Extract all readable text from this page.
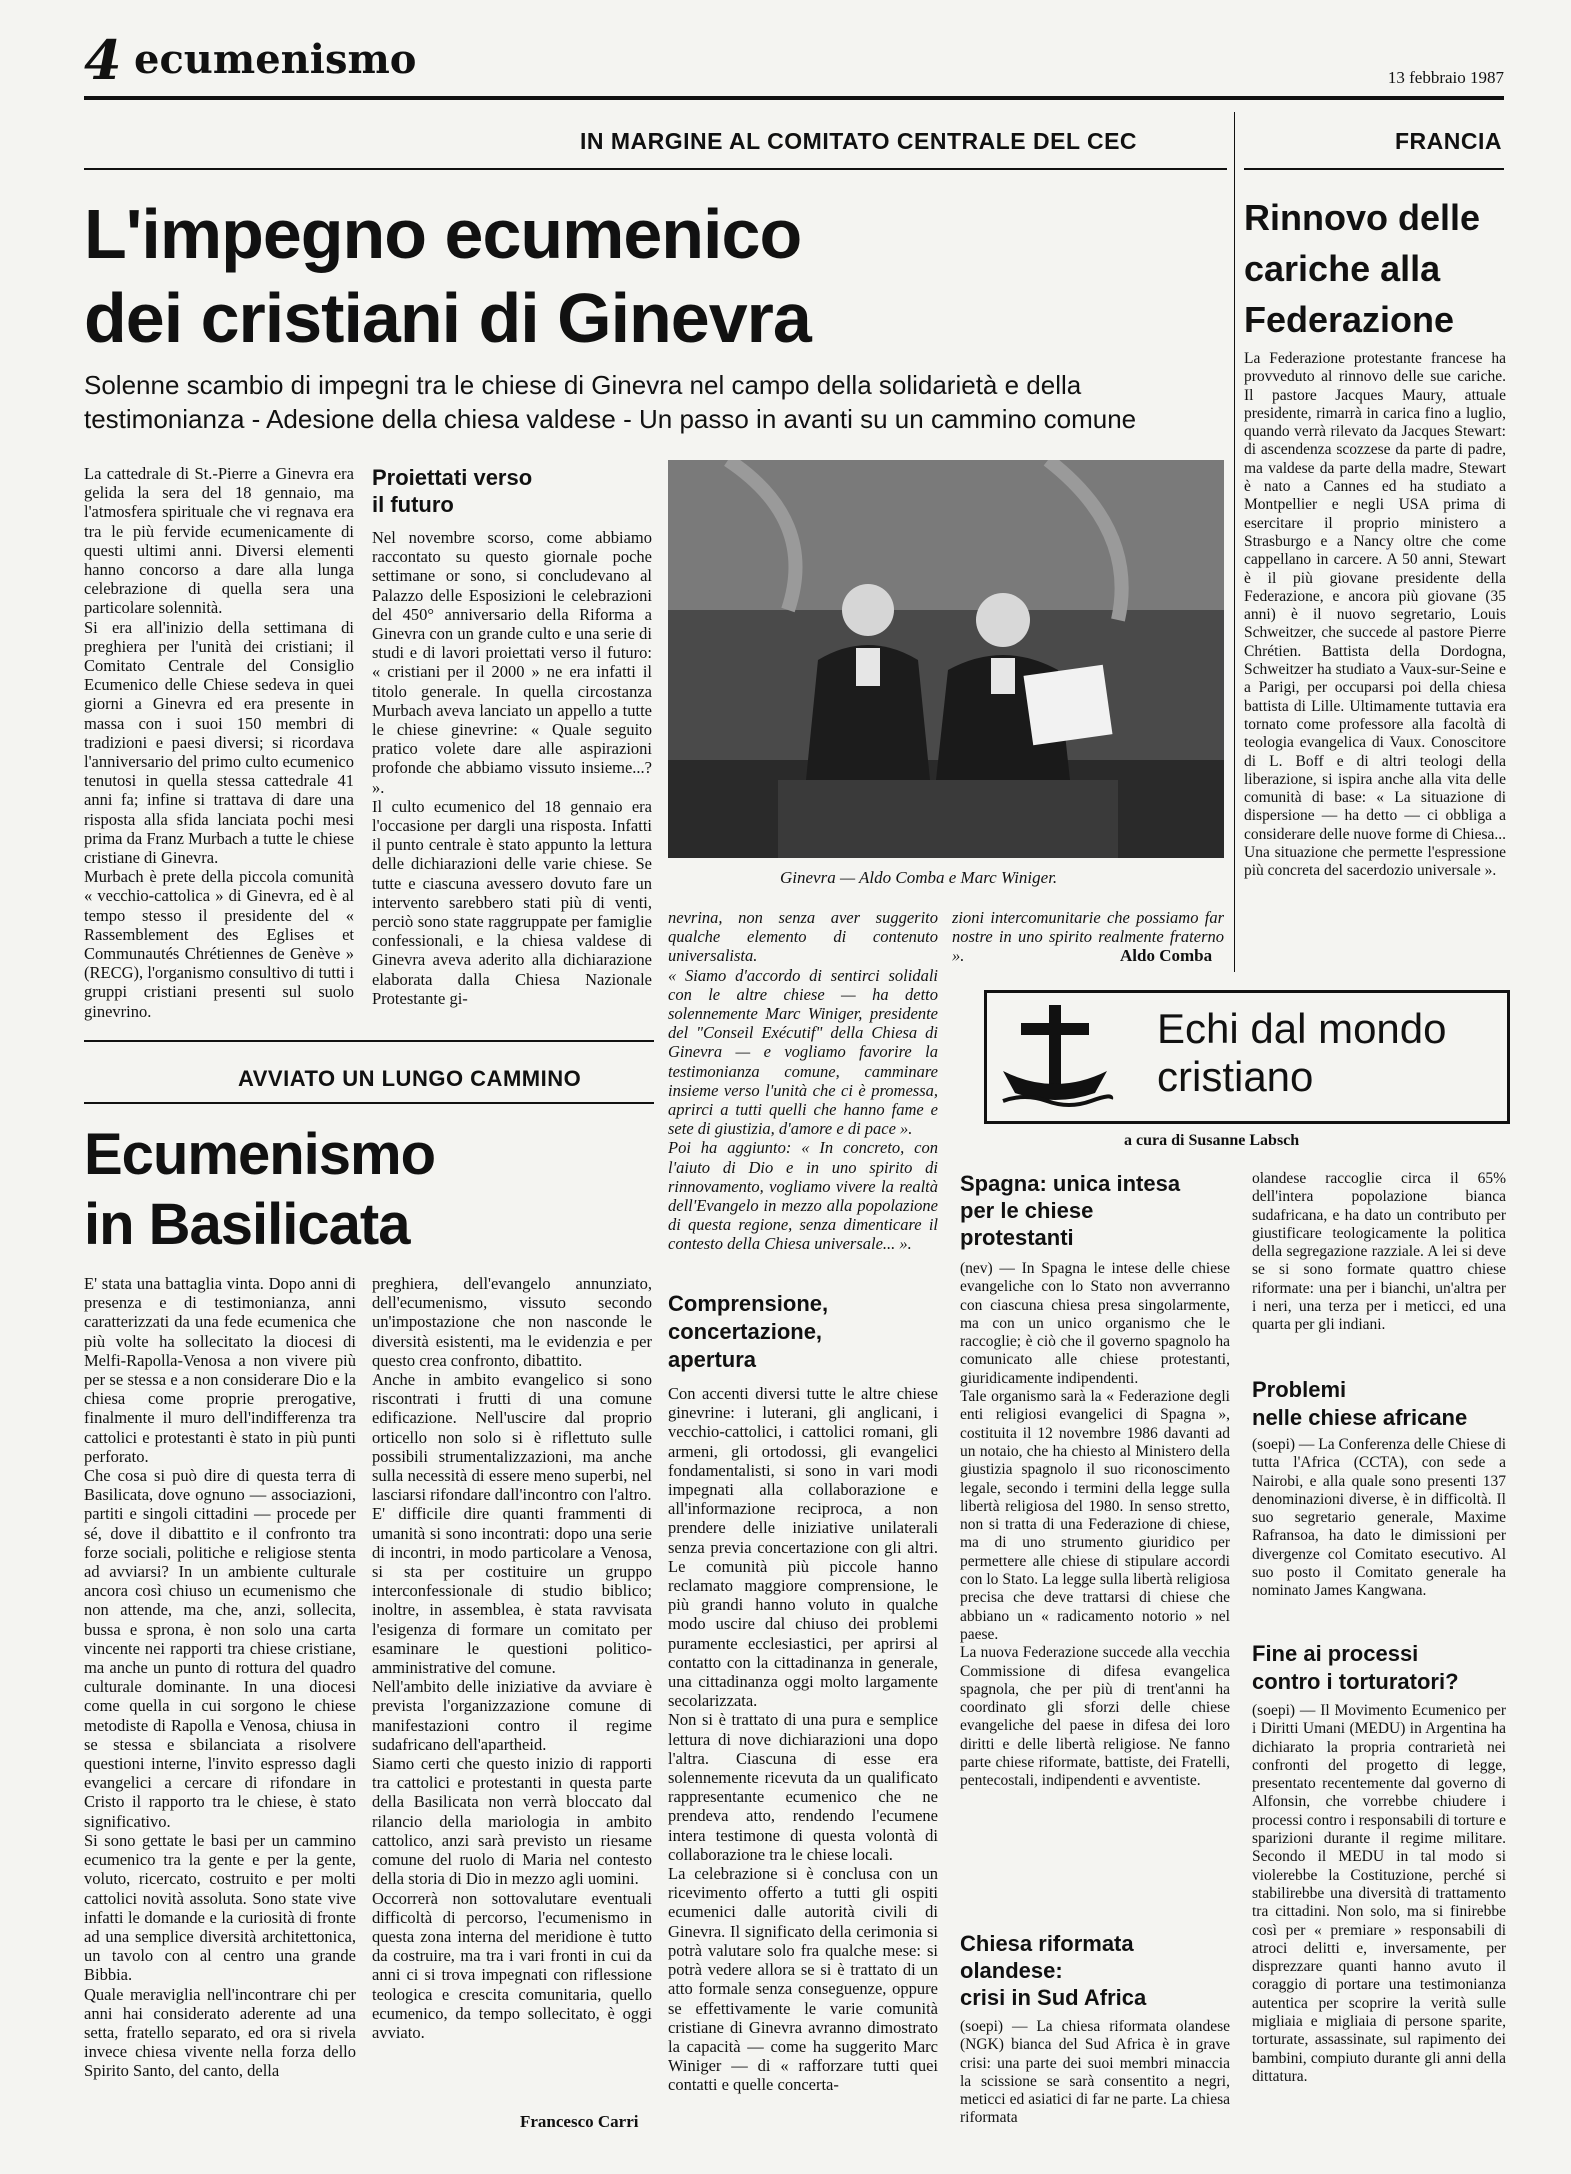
4 ecumenismo	13 febbraio 1987
IN MARGINE AL COMITATO CENTRALE DEL CEC
L'impegno ecumenico
dei cristiani di Ginevra
Solenne scambio di impegni tra le chiese di Ginevra nel campo della solidarietà e della
testimonianza - Adesione della chiesa valdese - Un passo in avanti su un cammino comune
La cattedrale di St.-Pierre a Ginevra era gelida la sera del 18 gennaio, ma l'atmosfera spirituale che vi regnava era tra le più fervide ecumenicamente di questi ultimi anni. Diversi elementi hanno concorso a dare alla lunga celebrazione di quella sera una particolare solennità.
Si era all'inizio della settimana di preghiera per l'unità dei cristiani; il Comitato Centrale del Consiglio Ecumenico delle Chiese sedeva in quei giorni a Ginevra ed era presente in massa con i suoi 150 membri di tradizioni e paesi diversi; si ricordava l'anniversario del primo culto ecumenico tenutosi in quella stessa cattedrale 41 anni fa; infine si trattava di dare una risposta alla sfida lanciata pochi mesi prima da Franz Murbach a tutte le chiese cristiane di Ginevra.
Murbach è prete della piccola comunità « vecchio-cattolica » di Ginevra, ed è al tempo stesso il presidente del « Rassemblement des Eglises et Communautés Chrétiennes de Genève » (RECG), l'organismo consultivo di tutti i gruppi cristiani presenti sul suolo ginevrino.
Proiettati verso
il futuro
Nel novembre scorso, come abbiamo raccontato su questo giornale poche settimane or sono, si concludevano al Palazzo delle Esposizioni le celebrazioni del 450° anniversario della Riforma a Ginevra con un grande culto e una serie di studi e di lavori proiettati verso il futuro: « cristiani per il 2000 » ne era infatti il titolo generale. In quella circostanza Murbach aveva lanciato un appello a tutte le chiese ginevrine: « Quale seguito pratico volete dare alle aspirazioni profonde che abbiamo vissuto insieme...? ».
Il culto ecumenico del 18 gennaio era l'occasione per dargli una risposta. Infatti il punto centrale è stato appunto la lettura delle dichiarazioni delle varie chiese. Se tutte e ciascuna avessero dovuto fare un intervento sarebbero stati più di venti, perciò sono state raggruppate per famiglie confessionali, e la chiesa valdese di Ginevra aveva aderito alla dichiarazione elaborata dalla Chiesa Nazionale Protestante gi-
Ginevra — Aldo Comba e Marc Winiger.
nevrina, non senza aver suggerito qualche elemento di contenuto universalista.
« Siamo d'accordo di sentirci solidali con le altre chiese — ha detto solennemente Marc Winiger, presidente del "Conseil Exécutif" della Chiesa di Ginevra — e vogliamo favorire la testimonianza comune, camminare insieme verso l'unità che ci è promessa, aprirci a tutti quelli che hanno fame e sete di giustizia, d'amore e di pace ».
Poi ha aggiunto: « In concreto, con l'aiuto di Dio e in uno spirito di rinnovamento, vogliamo vivere la realtà dell'Evangelo in mezzo alla popolazione di questa regione, senza dimenticare il contesto della Chiesa universale... ».
Comprensione,
concertazione,
apertura
Con accenti diversi tutte le altre chiese ginevrine: i luterani, gli anglicani, i vecchio-cattolici, i cattolici romani, gli armeni, gli ortodossi, gli evangelici fondamentalisti, si sono in vari modi impegnati alla collaborazione e all'informazione reciproca, a non prendere delle iniziative unilaterali senza previa concertazione con gli altri. Le comunità più piccole hanno reclamato maggiore comprensione, le più grandi hanno voluto in qualche modo uscire dal chiuso dei problemi puramente ecclesiastici, per aprirsi al contatto con la cittadinanza in generale, una cittadinanza oggi molto largamente secolarizzata.
Non si è trattato di una pura e semplice lettura di nove dichiarazioni una dopo l'altra. Ciascuna di esse era solennemente ricevuta da un qualificato rappresentante ecumenico che ne prendeva atto, rendendo l'ecumene intera testimone di questa volontà di collaborazione tra le chiese locali.
La celebrazione si è conclusa con un ricevimento offerto a tutti gli ospiti ecumenici dalle autorità civili di Ginevra. Il significato della cerimonia si potrà valutare solo fra qualche mese: si potrà vedere allora se si è trattato di un atto formale senza conseguenze, oppure se effettivamente le varie comunità cristiane di Ginevra avranno dimostrato la capacità — come ha suggerito Marc Winiger — di « rafforzare tutti quei contatti e quelle concerta-
zioni intercomunitarie che possiamo far nostre in uno spirito realmente fraterno ».	Aldo Comba
FRANCIA
Rinnovo delle
cariche alla
Federazione
La Federazione protestante francese ha provveduto al rinnovo delle sue cariche. Il pastore Jacques Maury, attuale presidente, rimarrà in carica fino a luglio, quando verrà rilevato da Jacques Stewart: di ascendenza scozzese da parte di padre, ma valdese da parte della madre, Stewart è nato a Cannes ed ha studiato a Montpellier e negli USA prima di esercitare il proprio ministero a Strasburgo e a Nancy oltre che come cappellano in carcere. A 50 anni, Stewart è il più giovane presidente della Federazione, e ancora più giovane (35 anni) è il nuovo segretario, Louis Schweitzer, che succede al pastore Pierre Chrétien. Battista della Dordogna, Schweitzer ha studiato a Vaux-sur-Seine e a Parigi, per occuparsi poi della chiesa battista di Lille. Ultimamente tuttavia era tornato come professore alla facoltà di teologia evangelica di Vaux. Conoscitore di L. Boff e di altri teologi della liberazione, si ispira anche alla vita delle comunità di base: « La situazione di dispersione — ha detto — ci obbliga a considerare delle nuove forme di Chiesa... Una situazione che permette l'espressione più concreta del sacerdozio universale ».
AVVIATO UN LUNGO CAMMINO
Ecumenismo
in Basilicata
E' stata una battaglia vinta. Dopo anni di presenza e di testimonianza, anni caratterizzati da una fede ecumenica che più volte ha sollecitato la diocesi di Melfi-Rapolla-Venosa a non vivere più per se stessa e a non considerare Dio e la chiesa come proprie prerogative, finalmente il muro dell'indifferenza tra cattolici e protestanti è stato in più punti perforato.
Che cosa si può dire di questa terra di Basilicata, dove ognuno — associazioni, partiti e singoli cittadini — procede per sé, dove il dibattito e il confronto tra forze sociali, politiche e religiose stenta ad avviarsi? In un ambiente culturale ancora così chiuso un ecumenismo che non attende, ma che, anzi, sollecita, bussa e sprona, è non solo una carta vincente nei rapporti tra chiese cristiane, ma anche un punto di rottura del quadro culturale dominante. In una diocesi come quella in cui sorgono le chiese metodiste di Rapolla e Venosa, chiusa in se stessa e sbilanciata a risolvere questioni interne, l'invito espresso dagli evangelici a cercare di rifondare in Cristo il rapporto tra le chiese, è stato significativo.
Si sono gettate le basi per un cammino ecumenico tra la gente e per la gente, voluto, ricercato, costruito e per molti cattolici novità assoluta. Sono state vive infatti le domande e la curiosità di fronte ad una semplice diversità architettonica, un tavolo con al centro una grande Bibbia.
Quale meraviglia nell'incontrare chi per anni hai considerato aderente ad una setta, fratello separato, ed ora si rivela invece chiesa vivente nella forza dello Spirito Santo, del canto, della
preghiera, dell'evangelo annunziato, dell'ecumenismo, vissuto secondo un'impostazione che non nasconde le diversità esistenti, ma le evidenzia e per questo crea confronto, dibattito.
Anche in ambito evangelico si sono riscontrati i frutti di una comune edificazione. Nell'uscire dal proprio orticello non solo si è riflettuto sulle possibili strumentalizzazioni, ma anche sulla necessità di essere meno superbi, nel lasciarsi rifondare dall'incontro con l'altro.
E' difficile dire quanti frammenti di umanità si sono incontrati: dopo una serie di incontri, in modo particolare a Venosa, si sta per costituire un gruppo interconfessionale di studio biblico; inoltre, in assemblea, è stata ravvisata l'esigenza di formare un comitato per esaminare le questioni politico-amministrative del comune.
Nell'ambito delle iniziative da avviare è prevista l'organizzazione comune di manifestazioni contro il regime sudafricano dell'apartheid.
Siamo certi che questo inizio di rapporti tra cattolici e protestanti in questa parte della Basilicata non verrà bloccato dal rilancio della mariologia in ambito cattolico, anzi sarà previsto un riesame comune del ruolo di Maria nel contesto della storia di Dio in mezzo agli uomini.
Occorrerà non sottovalutare eventuali difficoltà di percorso, l'ecumenismo in questa zona interna del meridione è tutto da costruire, ma tra i vari fronti in cui da anni ci si trova impegnati con riflessione teologica e crescita comunitaria, quello ecumenico, da tempo sollecitato, è oggi avviato.
Francesco Carri
Echi dal mondo
cristiano
a cura di Susanne Labsch
Spagna: unica intesa
per le chiese
protestanti
(nev) — In Spagna le intese delle chiese evangeliche con lo Stato non avverranno con ciascuna chiesa presa singolarmente, ma con un unico organismo che le raccoglie; è ciò che il governo spagnolo ha comunicato alle chiese protestanti, giuridicamente indipendenti.
Tale organismo sarà la « Federazione degli enti religiosi evangelici di Spagna », costituita il 12 novembre 1986 davanti ad un notaio, che ha chiesto al Ministero della giustizia spagnolo il suo riconoscimento legale, secondo i termini della legge sulla libertà religiosa del 1980. In senso stretto, non si tratta di una Federazione di chiese, ma di uno strumento giuridico per permettere alle chiese di stipulare accordi con lo Stato. La legge sulla libertà religiosa precisa che deve trattarsi di chiese che abbiano un « radicamento notorio » nel paese.
La nuova Federazione succede alla vecchia Commissione di difesa evangelica spagnola, che per più di trent'anni ha coordinato gli sforzi delle chiese evangeliche del paese in difesa dei loro diritti e delle libertà religiose. Ne fanno parte chiese riformate, battiste, dei Fratelli, pentecostali, indipendenti e avventiste.
Chiesa riformata
olandese:
crisi in Sud Africa
(soepi) — La chiesa riformata olandese (NGK) bianca del Sud Africa è in grave crisi: una parte dei suoi membri minaccia la scissione se sarà consentito a negri, meticci ed asiatici di far ne parte. La chiesa riformata
olandese raccoglie circa il 65% dell'intera popolazione bianca sudafricana, e ha dato un contributo per giustificare teologicamente la politica della segregazione razziale. A lei si deve se si sono formate quattro chiese riformate: una per i bianchi, un'altra per i neri, una terza per i meticci, ed una quarta per gli indiani.
Problemi
nelle chiese africane
(soepi) — La Conferenza delle Chiese di tutta l'Africa (CCTA), con sede a Nairobi, e alla quale sono presenti 137 denominazioni diverse, è in difficoltà. Il suo segretario generale, Maxime Rafransoa, ha dato le dimissioni per divergenze col Comitato esecutivo. Al suo posto il Comitato generale ha nominato James Kangwana.
Fine ai processi
contro i torturatori?
(soepi) — Il Movimento Ecumenico per i Diritti Umani (MEDU) in Argentina ha dichiarato la propria contrarietà nei confronti del progetto di legge, presentato recentemente dal governo di Alfonsin, che vorrebbe chiudere i processi contro i responsabili di torture e sparizioni durante il regime militare. Secondo il MEDU in tal modo si violerebbe la Costituzione, perché si stabilirebbe una diversità di trattamento tra cittadini. Non solo, ma si finirebbe così per « premiare » responsabili di atroci delitti e, inversamente, per disprezzare quanti hanno avuto il coraggio di portare una testimonianza autentica per scoprire la verità sulle migliaia e migliaia di persone sparite, torturate, assassinate, sul rapimento dei bambini, compiuto durante gli anni della dittatura.
